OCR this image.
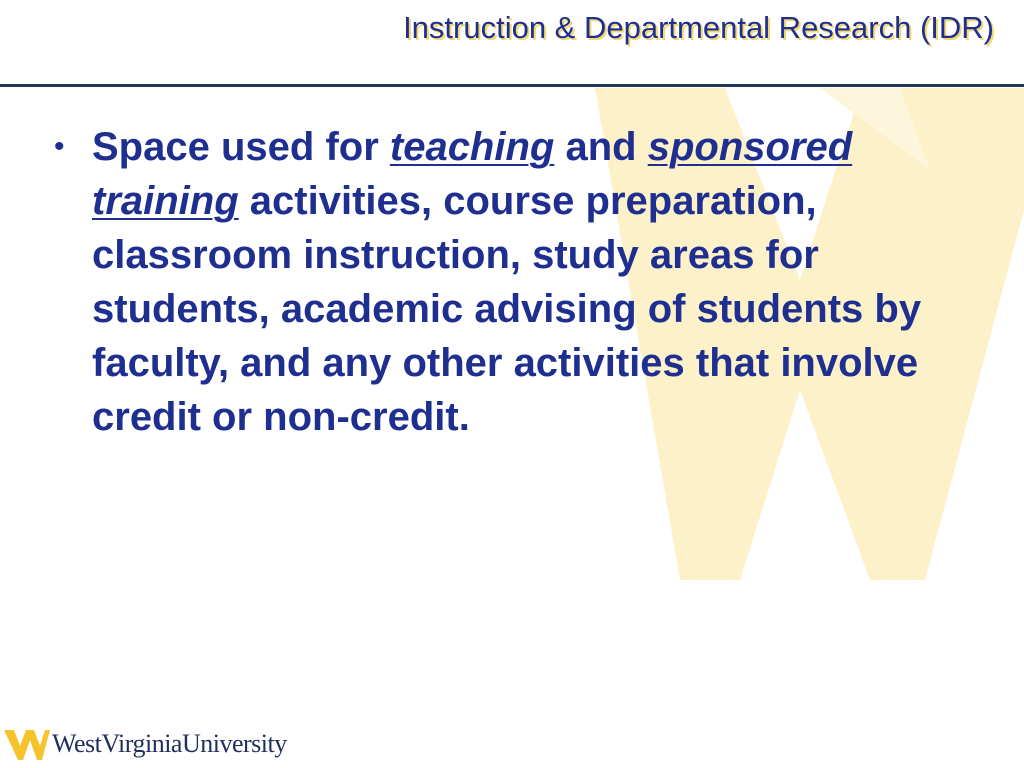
Instruction & Departmental Research (IDR)
• Space used for teaching and sponsored training activities, course preparation, classroom instruction, study areas for students, academic advising of students by faculty, and any other activities that involve credit or non-credit.
WestVirginiaUniversity
